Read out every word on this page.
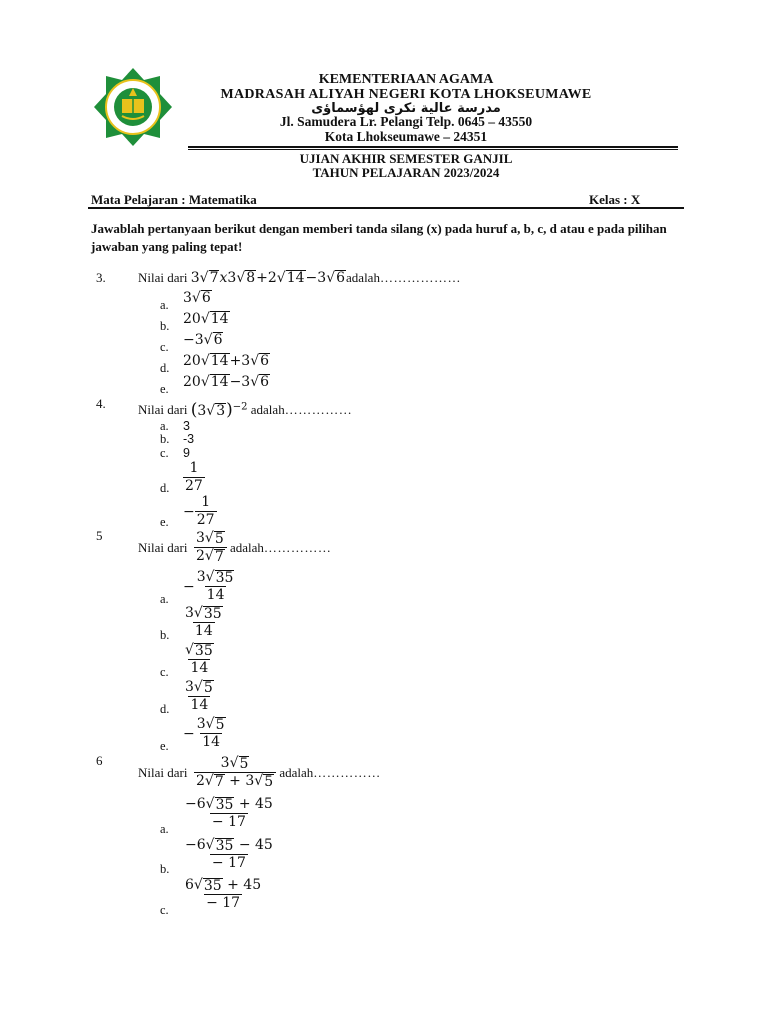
KEMENTERIAAN AGAMA
MADRASAH ALIYAH NEGERI KOTA LHOKSEUMAWE
مدرسة عالية نكرى لهؤسماؤى
Jl. Samudera Lr. Pelangi Telp. 0645 – 43550
Kota Lhokseumawe – 24351
UJIAN AKHIR SEMESTER GANJIL
TAHUN PELAJARAN 2023/2024
Mata Pelajaran : Matematika	Kelas : X
Jawablah pertanyaan berikut dengan memberi tanda silang (x) pada huruf a, b, c, d atau e pada pilihan jawaban yang paling tepat!
3. Nilai dari
3 √ 7 x3 √ 8 +2 √ 14 −3 √ 6 adalah ………………
a. 3 √ 6
b. 20 √ 14
c. −3 √ 6
d. 20 √ 14 +3 √ 6
e. 20 √ 14 −3 √ 6
4. Nilai dari
(3 √ 3 )$^{-2}$
adalah ……………
a. 3
b. -3
c. 9
d. $\frac{1}{27}$
e.
− $\frac{1}{27}$
5
Nilai dari
$\frac{3 √ 5}{2 √ 7}$
adalah ……………
a.
− $\frac{3 √ 35}{14}$
b. $\frac{3 √ 35}{14}$
c. $\frac{√ 35}{14}$
d. $\frac{3 √ 5}{14}$
e.
− $\frac{3 √ 5}{14}$
6
Nilai dari
$\frac{3 √ 5}{2 √ 7 + 3 √ 5}$
adalah ……………
a. $\frac{-6 √ 35 + 45}{- 17}$
b. $\frac{-6 √ 35 - 45}{- 17}$
c. $\frac{6 √ 35 + 45}{- 17}$
